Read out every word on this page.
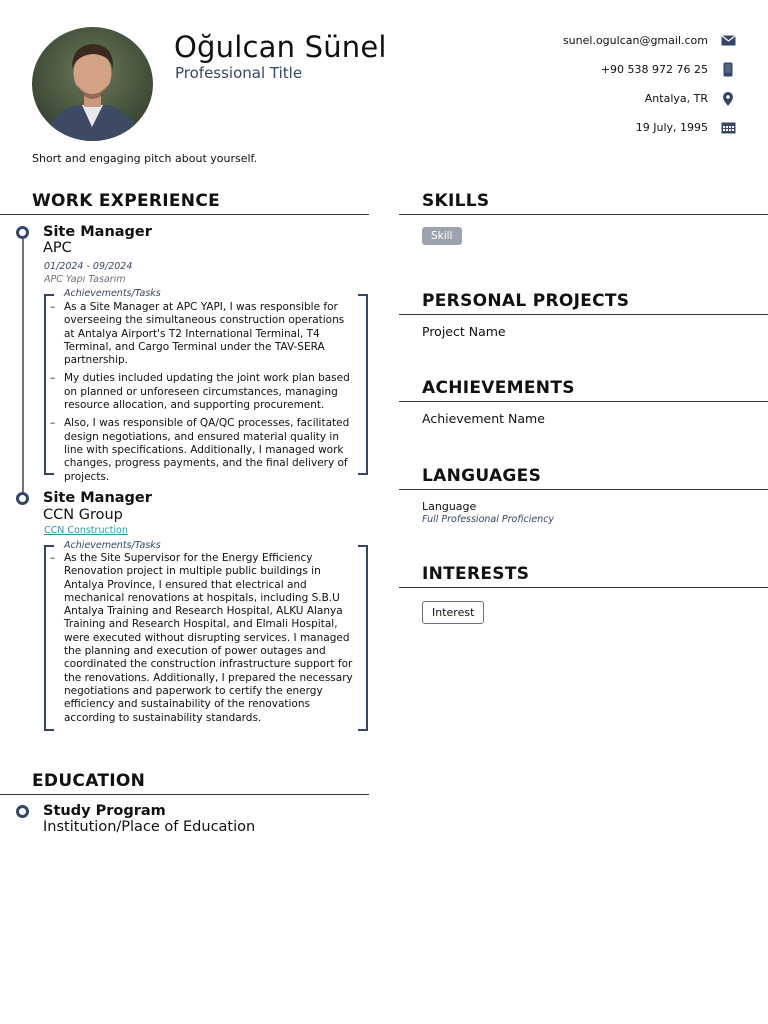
Oğulcan Sünel
Professional Title
sunel.ogulcan@gmail.com
+90 538 972 76 25
Antalya, TR
19 July, 1995
Short and engaging pitch about yourself.
WORK EXPERIENCE
Site Manager
APC
01/2024 - 09/2024
APC Yapı Tasarım
Achievements/Tasks
– As a Site Manager at APC YAPI, I was responsible for overseeing the simultaneous construction operations at Antalya Airport's T2 International Terminal, T4 Terminal, and Cargo Terminal under the TAV-SERA partnership.
– My duties included updating the joint work plan based on planned or unforeseen circumstances, managing resource allocation, and supporting procurement.
– Also, I was responsible of QA/QC processes, facilitated design negotiations, and ensured material quality in line with specifications. Additionally, I managed work changes, progress payments, and the final delivery of projects.
Site Manager
CCN Group
CCN Construction
Achievements/Tasks
– As the Site Supervisor for the Energy Efficiency Renovation project in multiple public buildings in Antalya Province, I ensured that electrical and mechanical renovations at hospitals, including S.B.U Antalya Training and Research Hospital, ALKU Alanya Training and Research Hospital, and Elmali Hospital, were executed without disrupting services. I managed the planning and execution of power outages and coordinated the construction infrastructure support for the renovations. Additionally, I prepared the necessary negotiations and paperwork to certify the energy efficiency and sustainability of the renovations according to sustainability standards.
EDUCATION
Study Program
Institution/Place of Education
SKILLS
Skill
PERSONAL PROJECTS
Project Name
ACHIEVEMENTS
Achievement Name
LANGUAGES
Language
Full Professional Proficiency
INTERESTS
Interest
